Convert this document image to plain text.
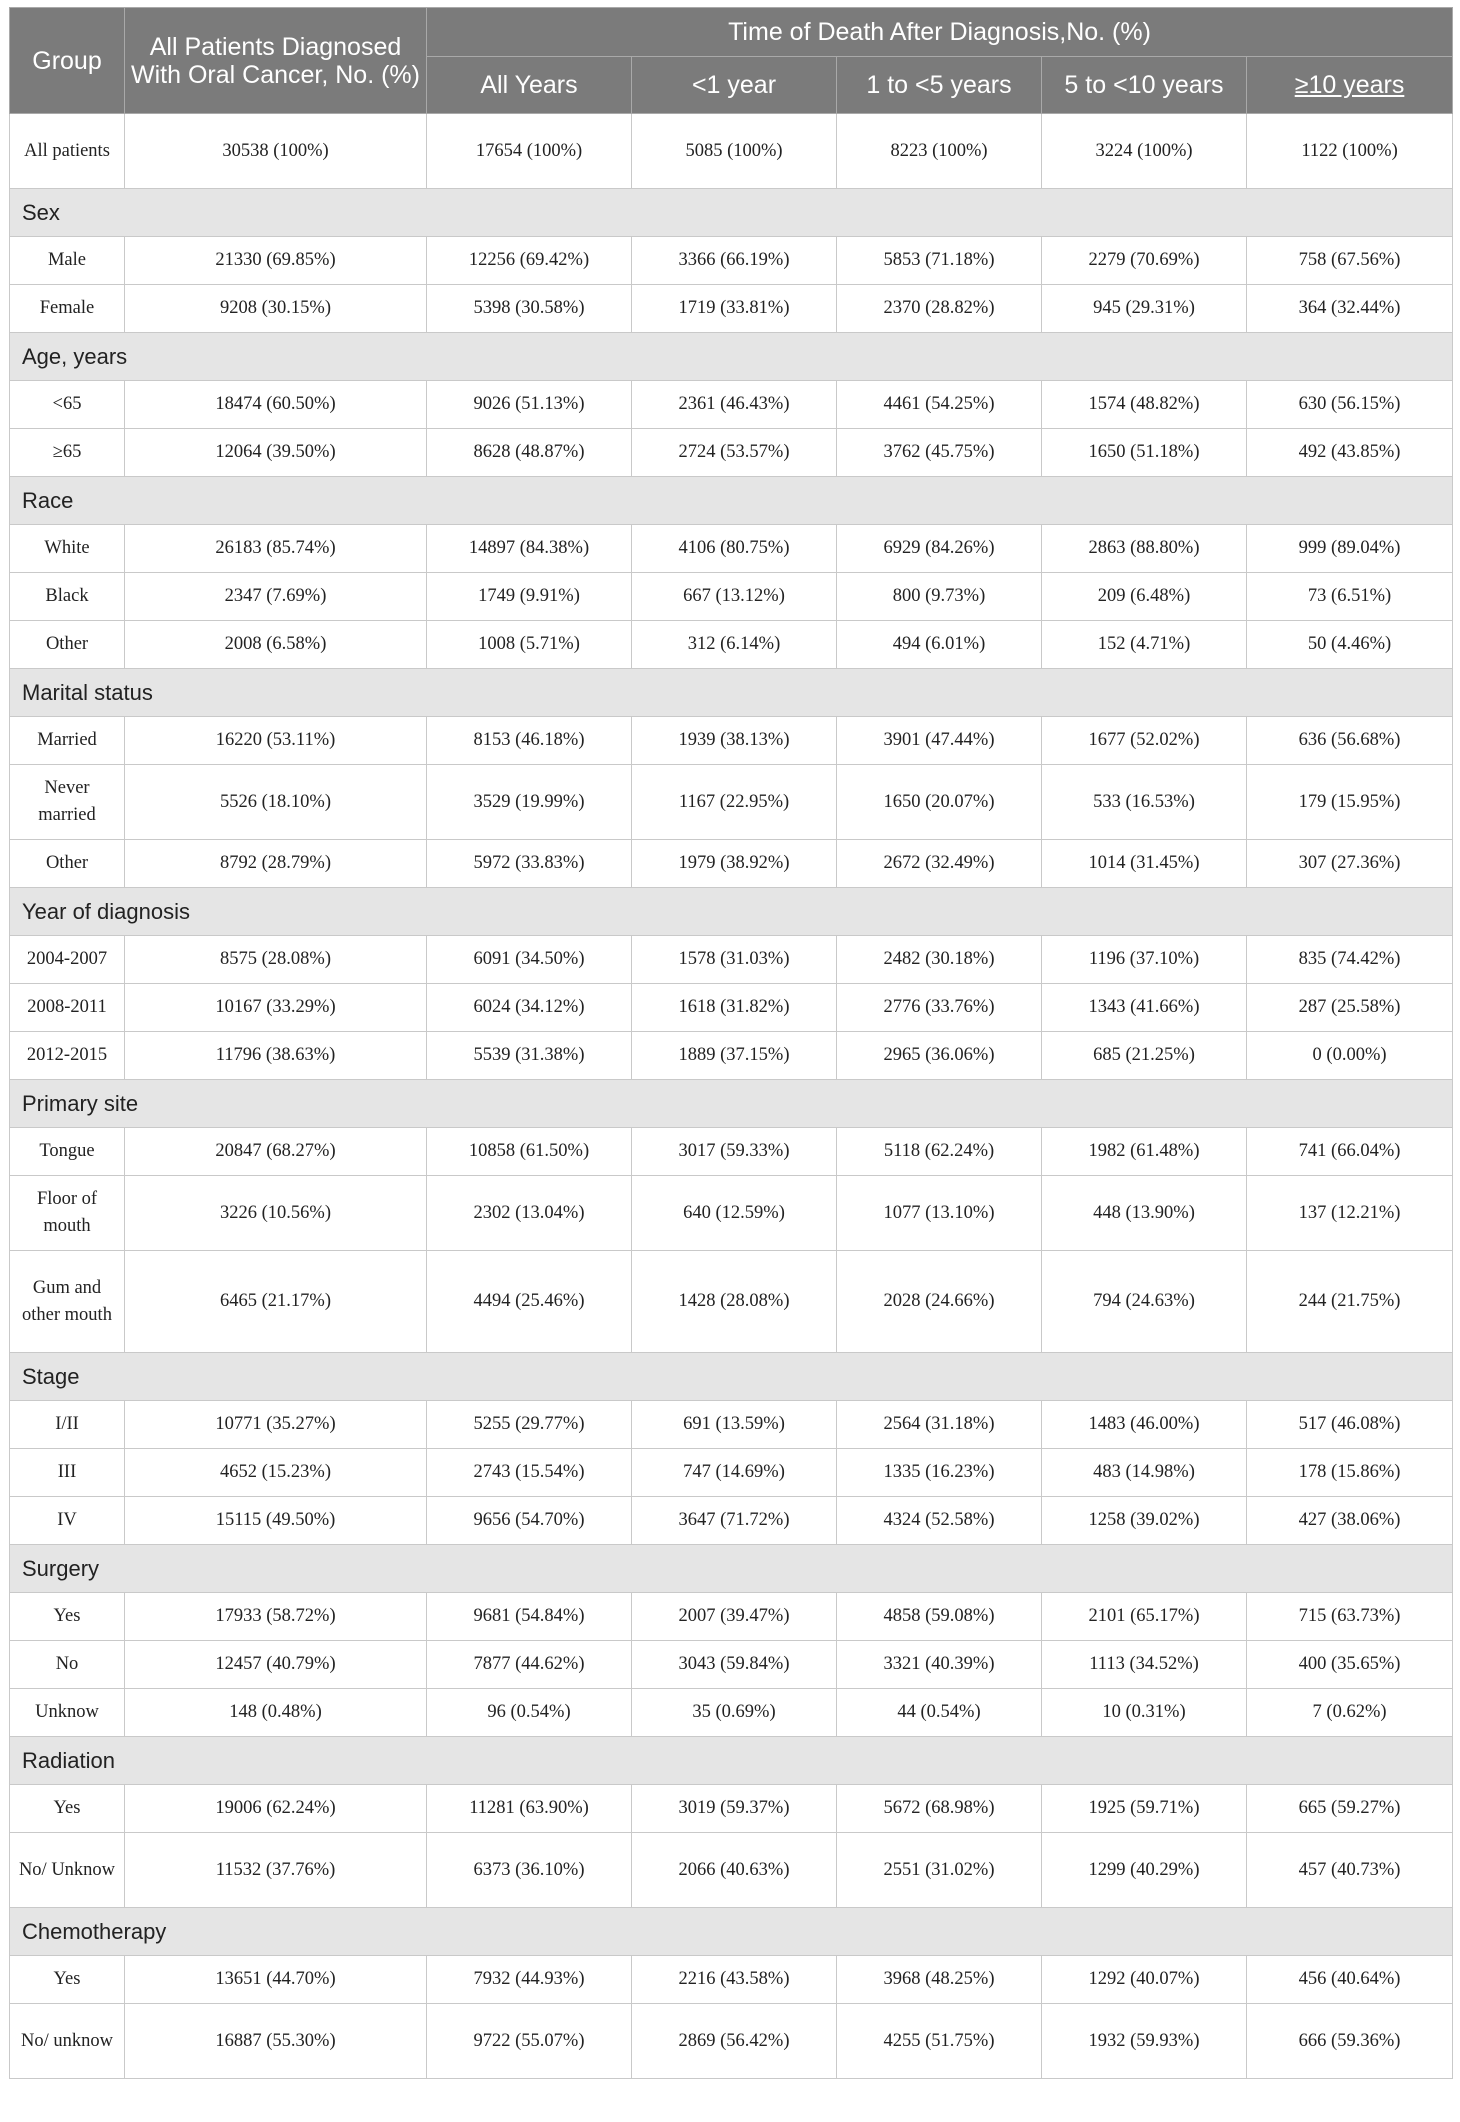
Group	All Patients Diagnosed With Oral Cancer, No. (%)	Time of Death After Diagnosis,No. (%)				
		All Years	<1 year	1 to <5 years	5 to <10 years	≥10 years
All patients	30538 (100%)	17654 (100%)	5085 (100%)	8223 (100%)	3224 (100%)	1122 (100%)
Sex						
Male	21330 (69.85%)	12256 (69.42%)	3366 (66.19%)	5853 (71.18%)	2279 (70.69%)	758 (67.56%)
Female	9208 (30.15%)	5398 (30.58%)	1719 (33.81%)	2370 (28.82%)	945 (29.31%)	364 (32.44%)
Age, years						
<65	18474 (60.50%)	9026 (51.13%)	2361 (46.43%)	4461 (54.25%)	1574 (48.82%)	630 (56.15%)
≥65	12064 (39.50%)	8628 (48.87%)	2724 (53.57%)	3762 (45.75%)	1650 (51.18%)	492 (43.85%)
Race						
White	26183 (85.74%)	14897 (84.38%)	4106 (80.75%)	6929 (84.26%)	2863 (88.80%)	999 (89.04%)
Black	2347 (7.69%)	1749 (9.91%)	667 (13.12%)	800 (9.73%)	209 (6.48%)	73 (6.51%)
Other	2008 (6.58%)	1008 (5.71%)	312 (6.14%)	494 (6.01%)	152 (4.71%)	50 (4.46%)
Marital status						
Married	16220 (53.11%)	8153 (46.18%)	1939 (38.13%)	3901 (47.44%)	1677 (52.02%)	636 (56.68%)
Never married	5526 (18.10%)	3529 (19.99%)	1167 (22.95%)	1650 (20.07%)	533 (16.53%)	179 (15.95%)
Other	8792 (28.79%)	5972 (33.83%)	1979 (38.92%)	2672 (32.49%)	1014 (31.45%)	307 (27.36%)
Year of diagnosis						
2004-2007	8575 (28.08%)	6091 (34.50%)	1578 (31.03%)	2482 (30.18%)	1196 (37.10%)	835 (74.42%)
2008-2011	10167 (33.29%)	6024 (34.12%)	1618 (31.82%)	2776 (33.76%)	1343 (41.66%)	287 (25.58%)
2012-2015	11796 (38.63%)	5539 (31.38%)	1889 (37.15%)	2965 (36.06%)	685 (21.25%)	0 (0.00%)
Primary site						
Tongue	20847 (68.27%)	10858 (61.50%)	3017 (59.33%)	5118 (62.24%)	1982 (61.48%)	741 (66.04%)
Floor of mouth	3226 (10.56%)	2302 (13.04%)	640 (12.59%)	1077 (13.10%)	448 (13.90%)	137 (12.21%)
Gum and other mouth	6465 (21.17%)	4494 (25.46%)	1428 (28.08%)	2028 (24.66%)	794 (24.63%)	244 (21.75%)
Stage						
I/II	10771 (35.27%)	5255 (29.77%)	691 (13.59%)	2564 (31.18%)	1483 (46.00%)	517 (46.08%)
III	4652 (15.23%)	2743 (15.54%)	747 (14.69%)	1335 (16.23%)	483 (14.98%)	178 (15.86%)
IV	15115 (49.50%)	9656 (54.70%)	3647 (71.72%)	4324 (52.58%)	1258 (39.02%)	427 (38.06%)
Surgery						
Yes	17933 (58.72%)	9681 (54.84%)	2007 (39.47%)	4858 (59.08%)	2101 (65.17%)	715 (63.73%)
No	12457 (40.79%)	7877 (44.62%)	3043 (59.84%)	3321 (40.39%)	1113 (34.52%)	400 (35.65%)
Unknow	148 (0.48%)	96 (0.54%)	35 (0.69%)	44 (0.54%)	10 (0.31%)	7 (0.62%)
Radiation						
Yes	19006 (62.24%)	11281 (63.90%)	3019 (59.37%)	5672 (68.98%)	1925 (59.71%)	665 (59.27%)
No/ Unknow	11532 (37.76%)	6373 (36.10%)	2066 (40.63%)	2551 (31.02%)	1299 (40.29%)	457 (40.73%)
Chemotherapy						
Yes	13651 (44.70%)	7932 (44.93%)	2216 (43.58%)	3968 (48.25%)	1292 (40.07%)	456 (40.64%)
No/ unknow	16887 (55.30%)	9722 (55.07%)	2869 (56.42%)	4255 (51.75%)	1932 (59.93%)	666 (59.36%)
